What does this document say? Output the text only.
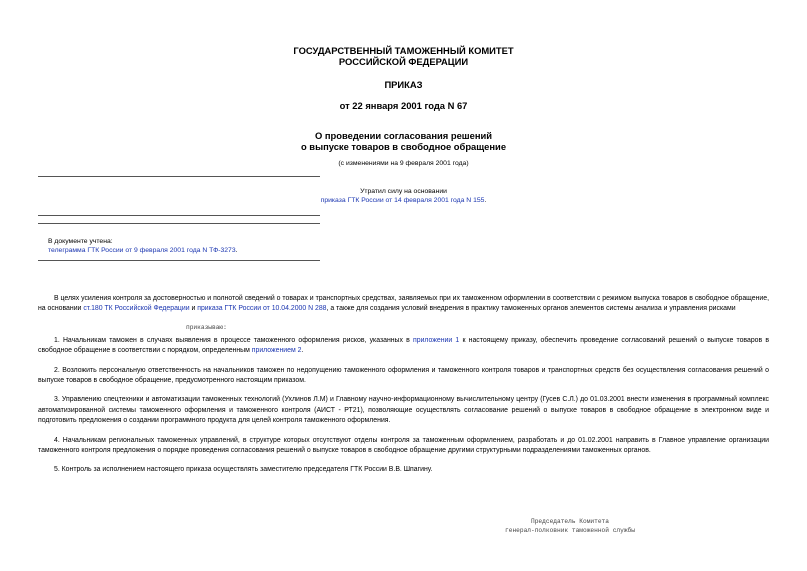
ГОСУДАРСТВЕННЫЙ ТАМОЖЕННЫЙ КОМИТЕТ
РОССИЙСКОЙ ФЕДЕРАЦИИ
ПРИКАЗ
от 22 января 2001 года N 67
О проведении согласования решений
о выпуске товаров в свободное обращение
(с изменениями на 9 февраля 2001 года)
Утратил силу на основании
приказа ГТК России от 14 февраля 2001 года N 155.
В документе учтена:
телеграмма ГТК России от 9 февраля 2001 года N ТФ-3273.

В целях усиления контроля за достоверностью и полнотой сведений о товарах и транспортных средствах, заявляемых при их таможенном оформлении в соответствии с режимом выпуска товаров в свободное обращение, на основании ст.180 ТК Российской Федерации и приказа ГТК России от 10.04.2000 N 288, а также для создания условий внедрения в практику таможенных органов элементов системы анализа и управления рисками

приказываю:

1. Начальникам таможен в случаях выявления в процессе таможенного оформления рисков, указанных в приложении 1 к настоящему приказу, обеспечить проведение согласований решений о выпуске товаров в свободное обращение в соответствии с порядком, определенным приложением 2.

2. Возложить персональную ответственность на начальников таможен по недопущению таможенного оформления и таможенного контроля товаров и транспортных средств без осуществления согласования решений о выпуске товаров в свободное обращение, предусмотренного настоящим приказом.

3. Управлению спецтехники и автоматизации таможенных технологий (Ухлинов Л.М) и Главному научно-информационному вычислительному центру (Гусев С.Л.) до 01.03.2001 внести изменения в программный комплекс автоматизированной системы таможенного оформления и таможенного контроля (АИСТ - РТ21), позволяющие осуществлять согласование решений о выпуске товаров в свободное обращение в электронном виде и подготовить предложения о создании программного продукта для целей контроля таможенного оформления.

4. Начальникам региональных таможенных управлений, в структуре которых отсутствуют отделы контроля за таможенным оформлением, разработать и до 01.02.2001 направить в Главное управление организации таможенного контроля предложения о порядке проведения согласования решений о выпуске товаров в свободное обращение другими структурными подразделениями таможенных органов.

5. Контроль за исполнением настоящего приказа осуществлять заместителю председателя ГТК России В.В. Шпагину.

Председатель Комитета
генерал-полковник таможенной службы
